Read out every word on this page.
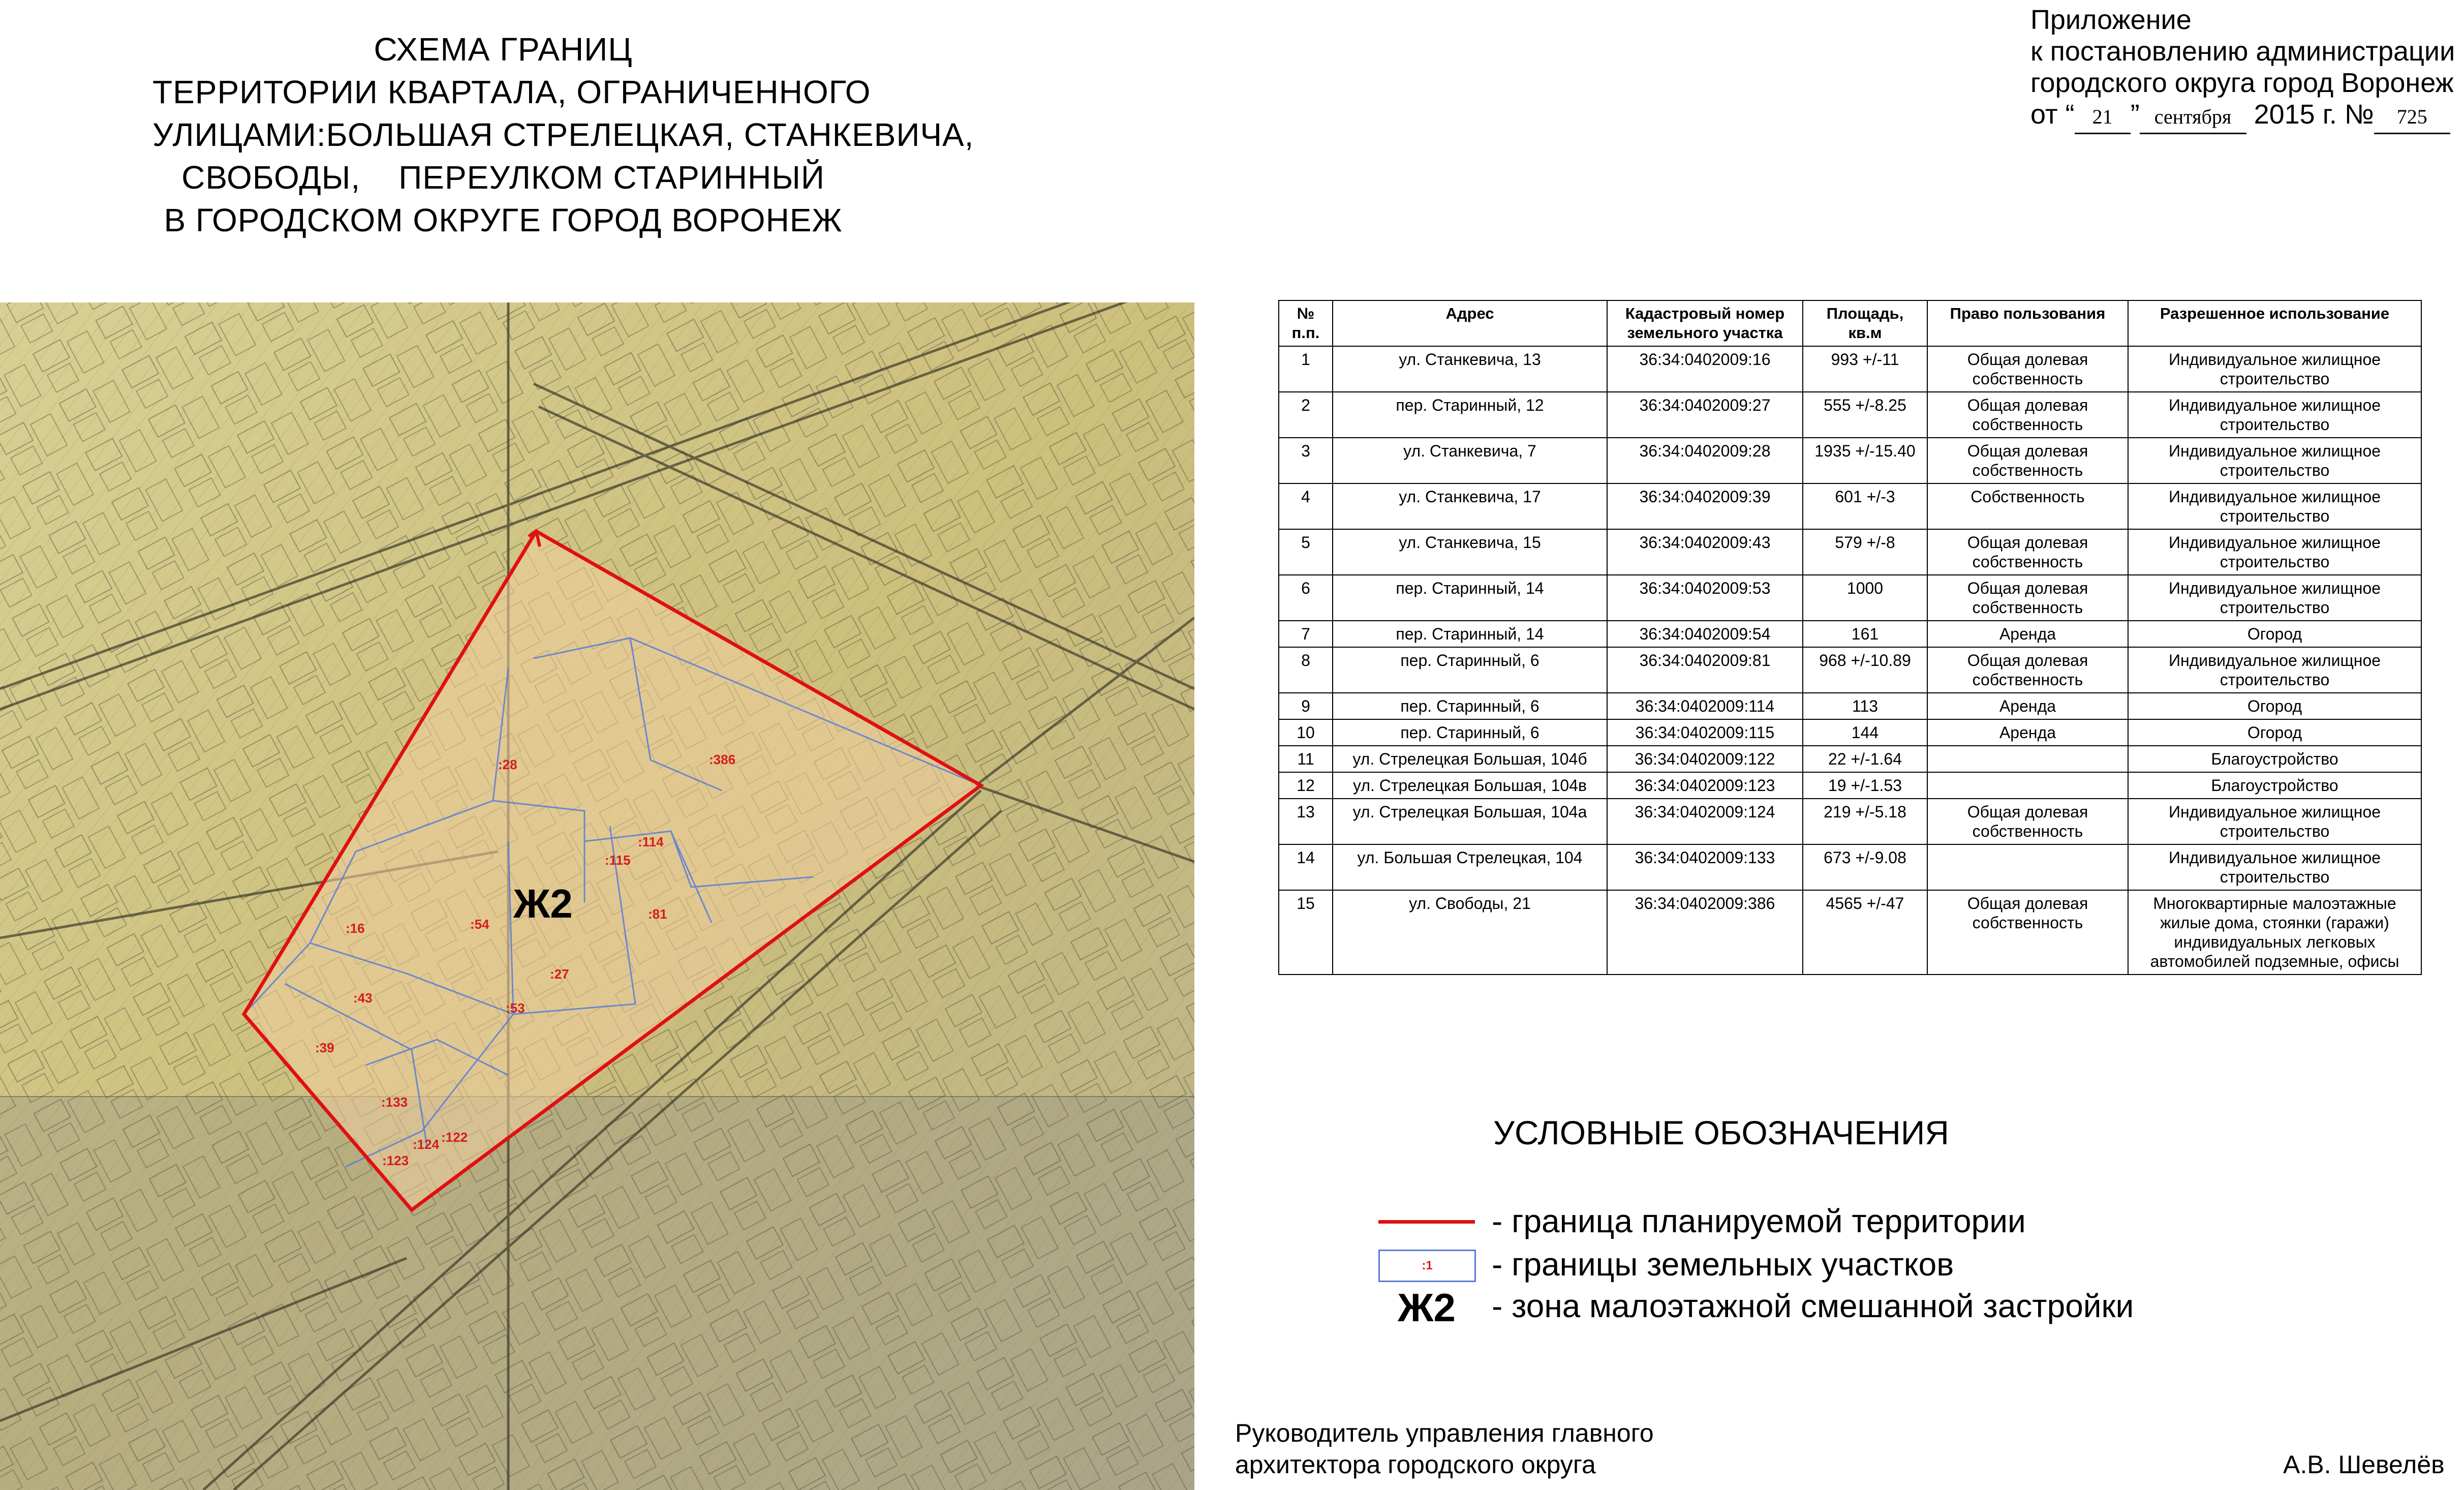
СХЕМА ГРАНИЦ
ТЕРРИТОРИИ КВАРТАЛА, ОГРАНИЧЕННОГО
УЛИЦАМИ:БОЛЬШАЯ СТРЕЛЕЦКАЯ, СТАНКЕВИЧА,
СВОБОДЫ,    ПЕРЕУЛКОМ СТАРИННЫЙ
В ГОРОДСКОМ ОКРУГЕ ГОРОД ВОРОНЕЖ
Приложение
к постановлению администрации
городского округа город Воронеж
от “ 21 ” сентября 2015 г. № 725
:386
:28
:114
:115
:81
:16	:54
:27
:43
:53
:39
:133
:122
:124
:123
Ж2
№ п.п.	Адрес	Кадастровый номер земельного участка	Площадь, кв.м	Право пользования	Разрешенное использование
1	ул. Станкевича, 13	36:34:0402009:16	993 +/-11	Общая долевая собственность	Индивидуальное жилищное строительство
2	пер. Старинный, 12	36:34:0402009:27	555 +/-8.25	Общая долевая собственность	Индивидуальное жилищное строительство
3	ул. Станкевича, 7	36:34:0402009:28	1935 +/-15.40	Общая долевая собственность	Индивидуальное жилищное строительство
4	ул. Станкевича, 17	36:34:0402009:39	601 +/-3	Собственность	Индивидуальное жилищное строительство
5	ул. Станкевича, 15	36:34:0402009:43	579 +/-8	Общая долевая собственность	Индивидуальное жилищное строительство
6	пер. Старинный, 14	36:34:0402009:53	1000	Общая долевая собственность	Индивидуальное жилищное строительство
7	пер. Старинный, 14	36:34:0402009:54	161	Аренда	Огород
8	пер. Старинный, 6	36:34:0402009:81	968 +/-10.89	Общая долевая собственность	Индивидуальное жилищное строительство
9	пер. Старинный, 6	36:34:0402009:114	113	Аренда	Огород
10	пер. Старинный, 6	36:34:0402009:115	144	Аренда	Огород
11	ул. Стрелецкая Большая, 104б	36:34:0402009:122	22 +/-1.64		Благоустройство
12	ул. Стрелецкая Большая, 104в	36:34:0402009:123	19 +/-1.53		Благоустройство
13	ул. Стрелецкая Большая, 104а	36:34:0402009:124	219 +/-5.18	Общая долевая собственность	Индивидуальное жилищное строительство
14	ул. Большая Стрелецкая, 104	36:34:0402009:133	673 +/-9.08		Индивидуальное жилищное строительство
15	ул. Свободы, 21	36:34:0402009:386	4565 +/-47	Общая долевая собственность	Многоквартирные малоэтажные жилые дома, стоянки (гаражи) индивидуальных легковых автомобилей подземные, офисы
УСЛОВНЫЕ ОБОЗНАЧЕНИЯ
- граница планируемой территории
:1 - границы земельных участков
Ж2 - зона малоэтажной смешанной застройки
Руководитель управления главного
архитектора городского округа	А.В. Шевелёв
